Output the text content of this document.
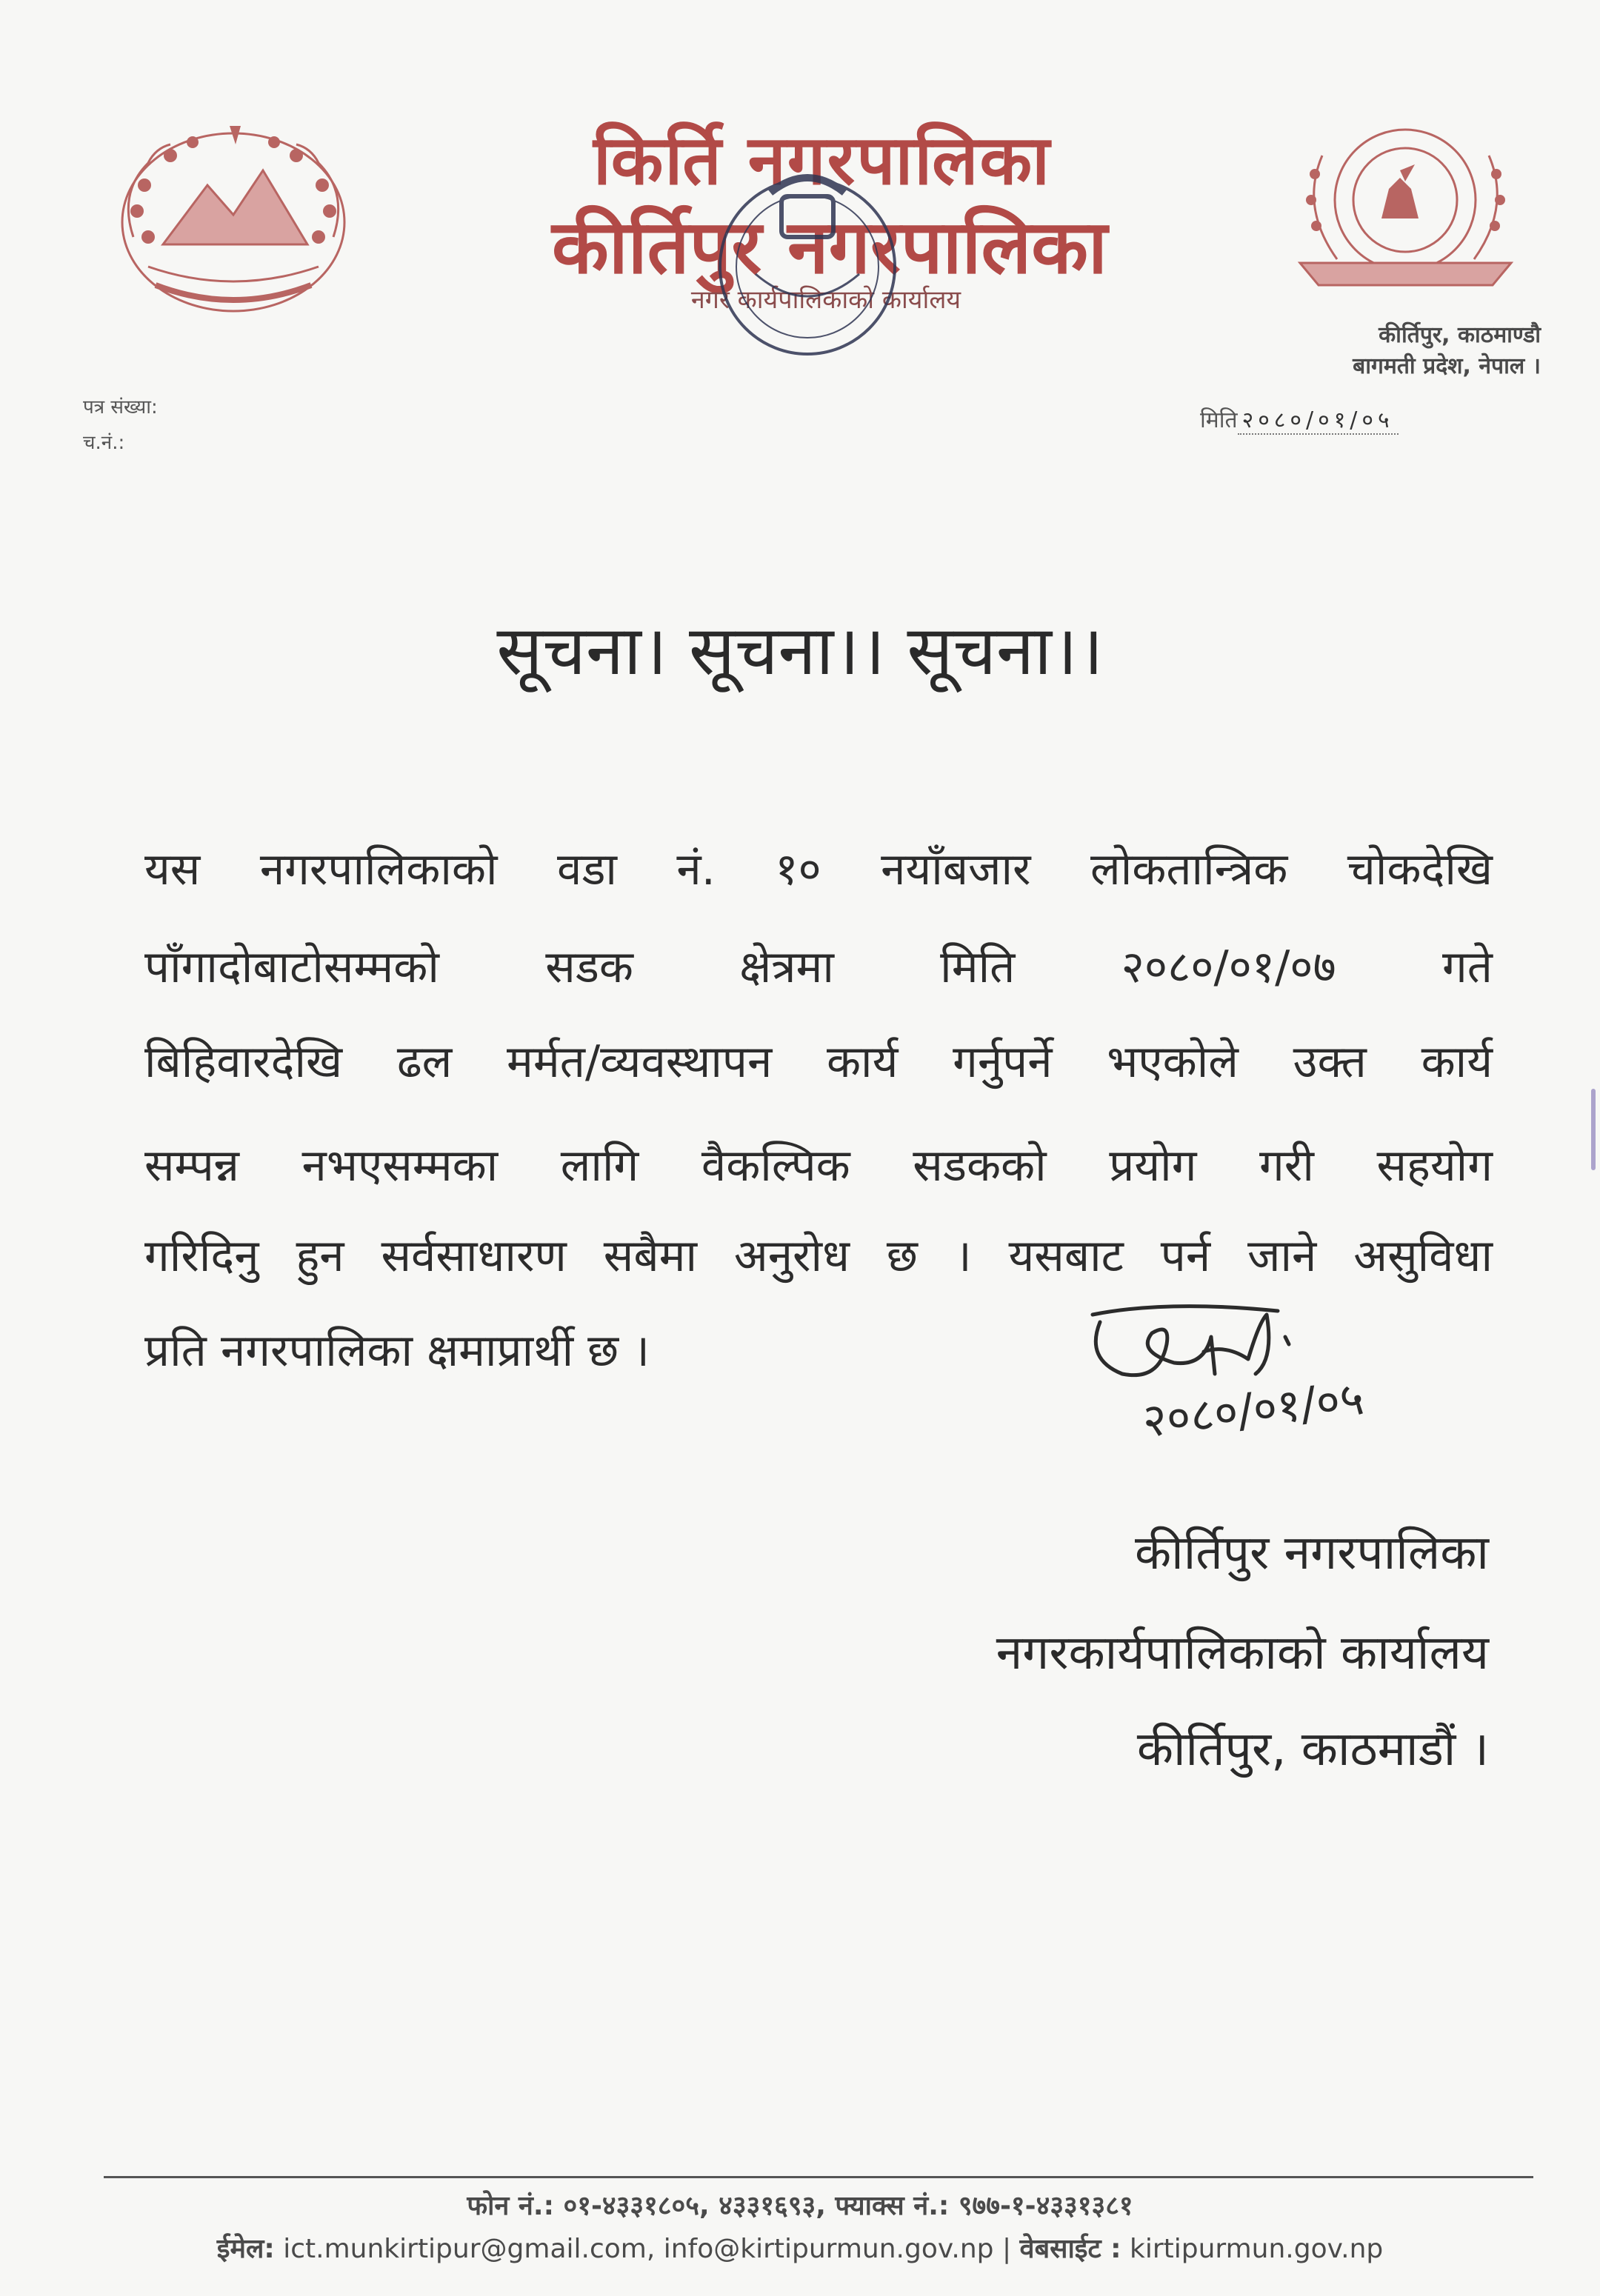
किर्ति नगरपालिका
कीर्तिपुर नगरपालिका
नगर कार्यपालिकाको कार्यालय
कीर्तिपुर, काठमाण्डौ
बागमती प्रदेश, नेपाल ।
पत्र संख्या:
च.नं.:
मिति २०८०/०१/०५
सूचना। सूचना।। सूचना।।
यस नगरपालिकाको वडा नं. १० नयाँबजार लोकतान्त्रिक चोकदेखि
पाँगादोबाटोसम्मको सडक क्षेत्रमा मिति २०८०/०१/०७ गते
बिहिवारदेखि ढल मर्मत/व्यवस्थापन कार्य गर्नुपर्ने भएकोले उक्त कार्य
सम्पन्न नभएसम्मका लागि वैकल्पिक सडकको प्रयोग गरी सहयोग
गरिदिनु हुन सर्वसाधारण सबैमा अनुरोध छ । यसबाट पर्न जाने असुविधा
प्रति नगरपालिका क्षमाप्रार्थी छ ।
२०८०/०१/०५
कीर्तिपुर नगरपालिका
नगरकार्यपालिकाको कार्यालय
कीर्तिपुर, काठमाडौं ।
फोन नं.: ०१-४३३१८०५, ४३३१६९३, फ्याक्स नं.: ९७७-१-४३३१३८१
ईमेल: ict.munkirtipur@gmail.com, info@kirtipurmun.gov.np | वेबसाईट : kirtipurmun.gov.np
